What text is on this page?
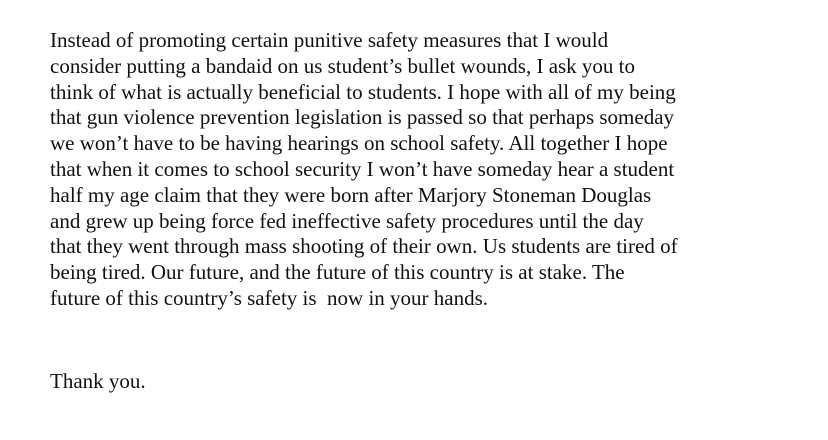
Instead of promoting certain punitive safety measures that I would
consider putting a bandaid on us student’s bullet wounds, I ask you to
think of what is actually beneficial to students. I hope with all of my being
that gun violence prevention legislation is passed so that perhaps someday
we won’t have to be having hearings on school safety. All together I hope
that when it comes to school security I won’t have someday hear a student
half my age claim that they were born after Marjory Stoneman Douglas
and grew up being force fed ineffective safety procedures until the day
that they went through mass shooting of their own. Us students are tired of
being tired. Our future, and the future of this country is at stake. The
future of this country’s safety is  now in your hands.
Thank you.
